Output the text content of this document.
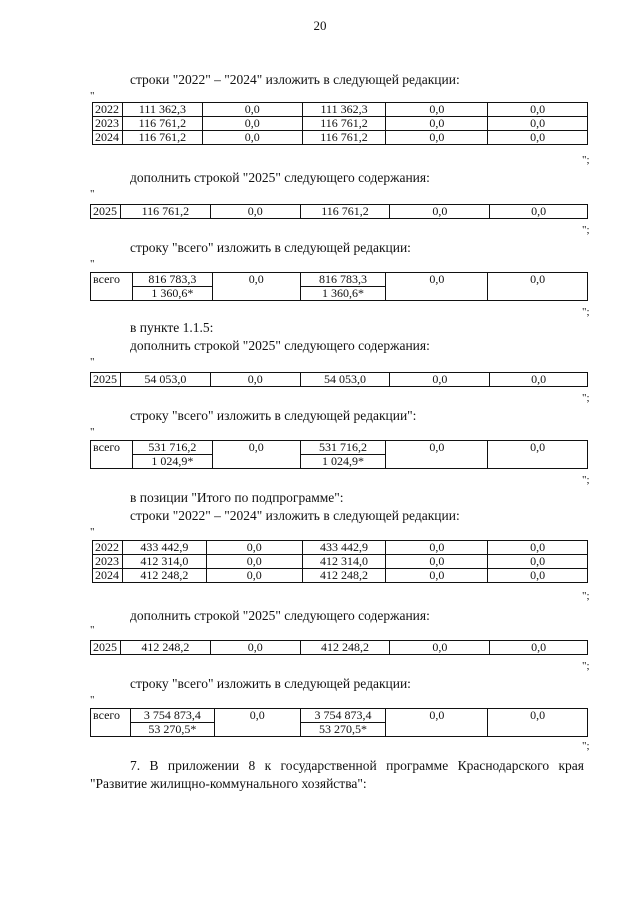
20
строки "2022" – "2024" изложить в следующей редакции:
"
2022	111 362,3	0,0	111 362,3	0,0	0,0
2023	116 761,2	0,0	116 761,2	0,0	0,0
2024	116 761,2	0,0	116 761,2	0,0	0,0
";
дополнить строкой "2025" следующего содержания:
"
2025	116 761,2	0,0	116 761,2	0,0	0,0
";
строку "всего" изложить в следующей редакции:
"
всего	816 783,3	0,0	816 783,3	0,0	0,0
	1 360,6*		1 360,6*		
";
в пункте 1.1.5:
дополнить строкой "2025" следующего содержания:
"
2025	54 053,0	0,0	54 053,0	0,0	0,0
";
строку "всего" изложить в следующей редакции":
"
всего	531 716,2	0,0	531 716,2	0,0	0,0
	1 024,9*		1 024,9*		
";
в позиции "Итого по подпрограмме":
строки "2022" – "2024" изложить в следующей редакции:
"
2022	433 442,9	0,0	433 442,9	0,0	0,0
2023	412 314,0	0,0	412 314,0	0,0	0,0
2024	412 248,2	0,0	412 248,2	0,0	0,0
";
дополнить строкой "2025" следующего содержания:
"
2025	412 248,2	0,0	412 248,2	0,0	0,0
";
строку "всего" изложить в следующей редакции:
"
всего	3 754 873,4	0,0	3 754 873,4	0,0	0,0
	53 270,5*		53 270,5*		
";
7. В приложении 8 к государственной программе Краснодарского края
"Развитие жилищно-коммунального хозяйства":
